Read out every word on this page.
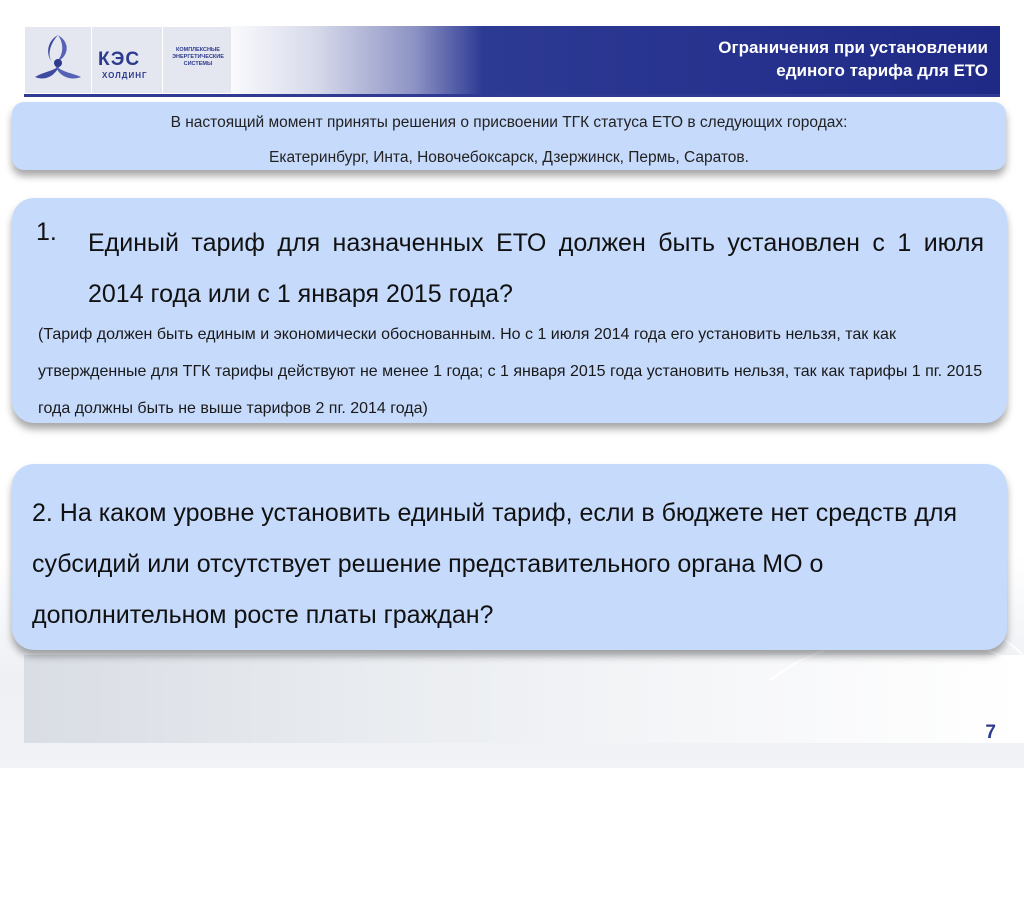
КЭС
ХОЛДИНГ
КОМПЛЕКСНЫЕ ЭНЕРГЕТИЧЕСКИЕ СИСТЕМЫ
Ограничения при установлении
единого тарифа для ЕТО
В настоящий момент приняты решения о присвоении ТГК статуса ЕТО в следующих городах:
Екатеринбург, Инта, Новочебоксарск, Дзержинск, Пермь, Саратов.
1. Единый тариф для назначенных ЕТО должен быть установлен с 1 июля 2014 года или с 1 января 2015 года?
(Тариф должен быть единым и экономически обоснованным. Но с 1 июля 2014 года его установить нельзя, так как утвержденные для ТГК тарифы действуют не менее 1 года; с 1 января 2015 года установить нельзя, так как тарифы 1 пг. 2015 года должны быть не выше тарифов 2 пг. 2014 года)
2. На каком уровне установить единый тариф, если в бюджете нет средств для субсидий или отсутствует решение представительного органа МО о дополнительном росте платы граждан?
7
